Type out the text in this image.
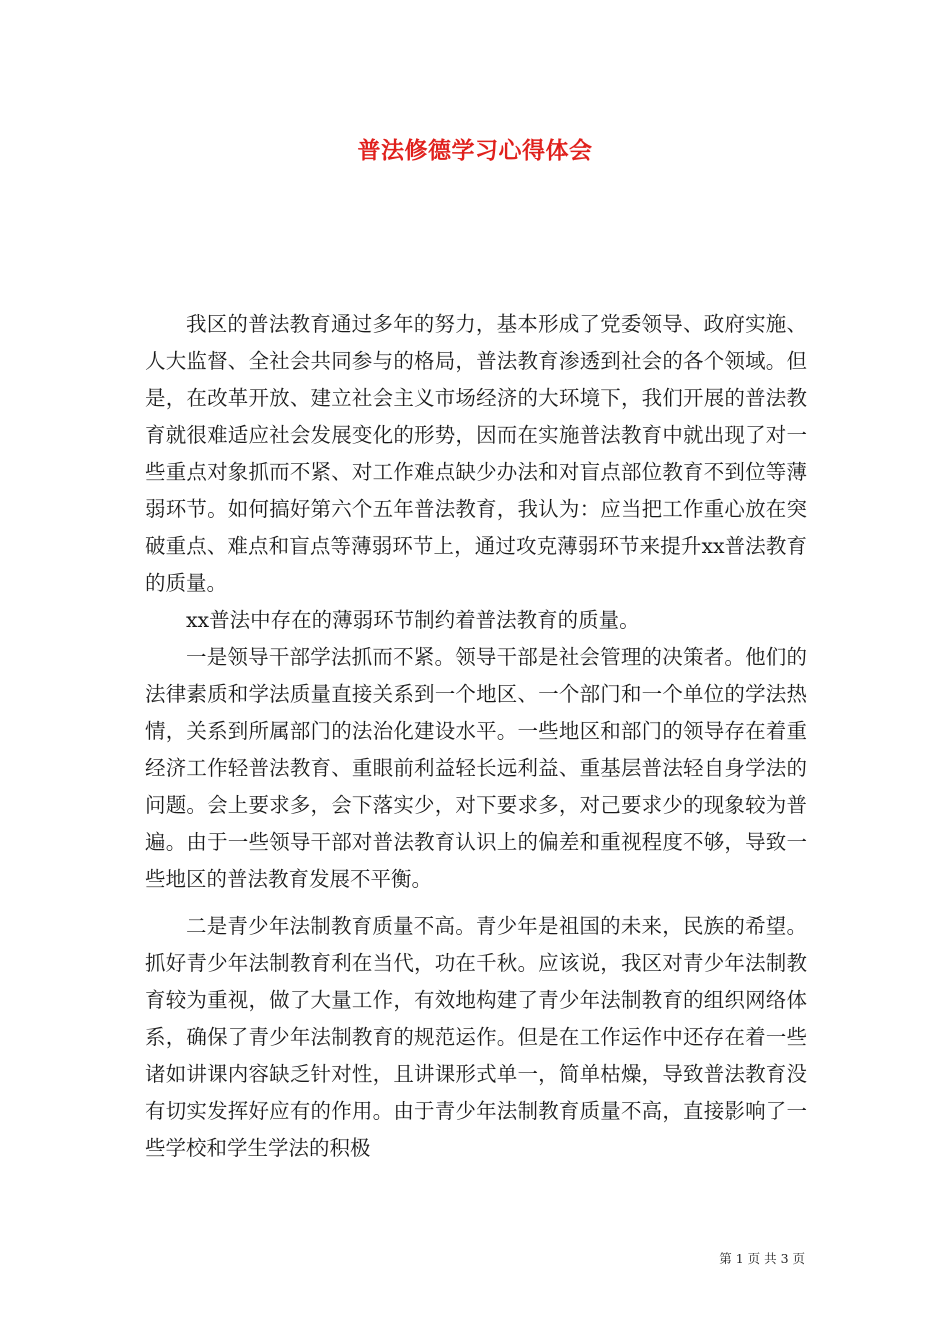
普法修德学习心得体会

我区的普法教育通过多年的努力，基本形成了党委领导、政府实施、人大监督、全社会共同参与的格局，普法教育渗透到社会的各个领域。但是，在改革开放、建立社会主义市场经济的大环境下，我们开展的普法教育就很难适应社会发展变化的形势，因而在实施普法教育中就出现了对一些重点对象抓而不紧、对工作难点缺少办法和对盲点部位教育不到位等薄弱环节。如何搞好第六个五年普法教育，我认为：应当把工作重心放在突破重点、难点和盲点等薄弱环节上，通过攻克薄弱环节来提升xx普法教育的质量。

xx普法中存在的薄弱环节制约着普法教育的质量。

一是领导干部学法抓而不紧。领导干部是社会管理的决策者。他们的法律素质和学法质量直接关系到一个地区、一个部门和一个单位的学法热情，关系到所属部门的法治化建设水平。一些地区和部门的领导存在着重经济工作轻普法教育、重眼前利益轻长远利益、重基层普法轻自身学法的问题。会上要求多，会下落实少，对下要求多，对己要求少的现象较为普遍。由于一些领导干部对普法教育认识上的偏差和重视程度不够，导致一些地区的普法教育发展不平衡。

二是青少年法制教育质量不高。青少年是祖国的未来，民族的希望。抓好青少年法制教育利在当代，功在千秋。应该说，我区对青少年法制教育较为重视，做了大量工作，有效地构建了青少年法制教育的组织网络体系，确保了青少年法制教育的规范运作。但是在工作运作中还存在着一些诸如讲课内容缺乏针对性，且讲课形式单一，简单枯燥，导致普法教育没有切实发挥好应有的作用。由于青少年法制教育质量不高，直接影响了一些学校和学生学法的积极

第 1 页 共 3 页
